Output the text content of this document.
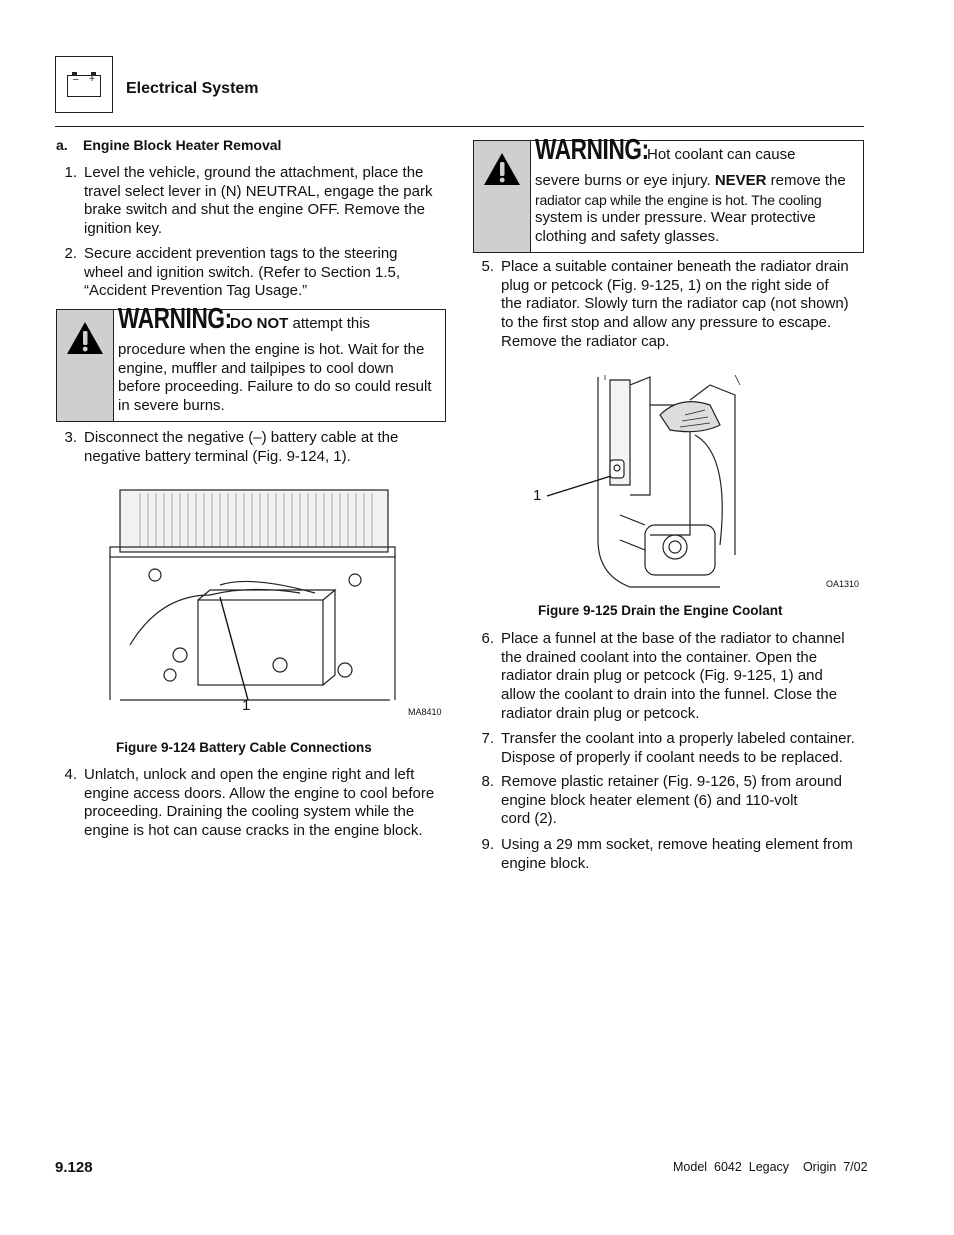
– +
Electrical System
a. Engine Block Heater Removal
1. Level the vehicle, ground the attachment, place the
travel select lever in (N) NEUTRAL, engage the park
brake switch and shut the engine OFF. Remove the
ignition key.
2. Secure accident prevention tags to the steering
wheel and ignition switch. (Refer to Section 1.5,
“Accident Prevention Tag Usage.”
WARNING:DO NOT attempt this
procedure when the engine is hot. Wait for the
engine, muffler and tailpipes to cool down
before proceeding. Failure to do so could result
in severe burns.
3. Disconnect the negative (–) battery cable at the
negative battery terminal (Fig. 9-124, 1).
1	MA8410
Figure 9-124 Battery Cable Connections
4. Unlatch, unlock and open the engine right and left
engine access doors. Allow the engine to cool before
proceeding. Draining the cooling system while the
engine is hot can cause cracks in the engine block.
WARNING:Hot coolant can cause
severe burns or eye injury. NEVER remove the
radiator cap while the engine is hot. The cooling
system is under pressure. Wear protective
clothing and safety glasses.
5. Place a suitable container beneath the radiator drain
plug or petcock (Fig. 9-125, 1) on the right side of
the radiator. Slowly turn the radiator cap (not shown)
to the first stop and allow any pressure to escape.
Remove the radiator cap.
1
OA1310
Figure 9-125 Drain the Engine Coolant
6. Place a funnel at the base of the radiator to channel
the drained coolant into the container. Open the
radiator drain plug or petcock (Fig. 9-125, 1) and
allow the coolant to drain into the funnel. Close the
radiator drain plug or petcock.
7. Transfer the coolant into a properly labeled container.
Dispose of properly if coolant needs to be replaced.
8. Remove plastic retainer (Fig. 9-126, 5) from around
engine block heater element (6) and 110-volt
cord (2).
9. Using a 29 mm socket, remove heating element from
engine block.
9.128	Model  6042  Legacy    Origin  7/02
